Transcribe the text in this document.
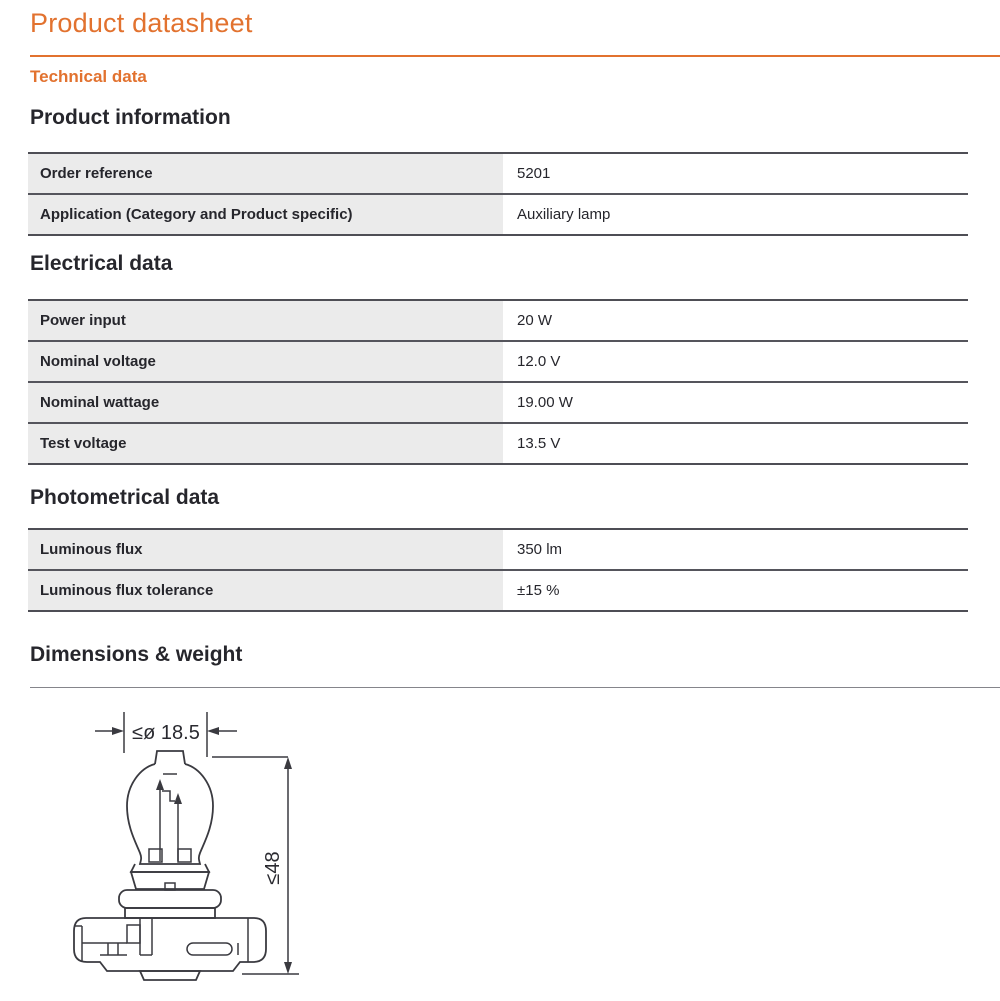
Product datasheet
Technical data
Product information
Order reference	5201
Application (Category and Product specific)	Auxiliary lamp
Electrical data
Power input	20 W
Nominal voltage	12.0 V
Nominal wattage	19.00 W
Test voltage	13.5 V
Photometrical data
Luminous flux	350 lm
Luminous flux tolerance	±15 %
Dimensions & weight
≤ø 18.5
≤48
